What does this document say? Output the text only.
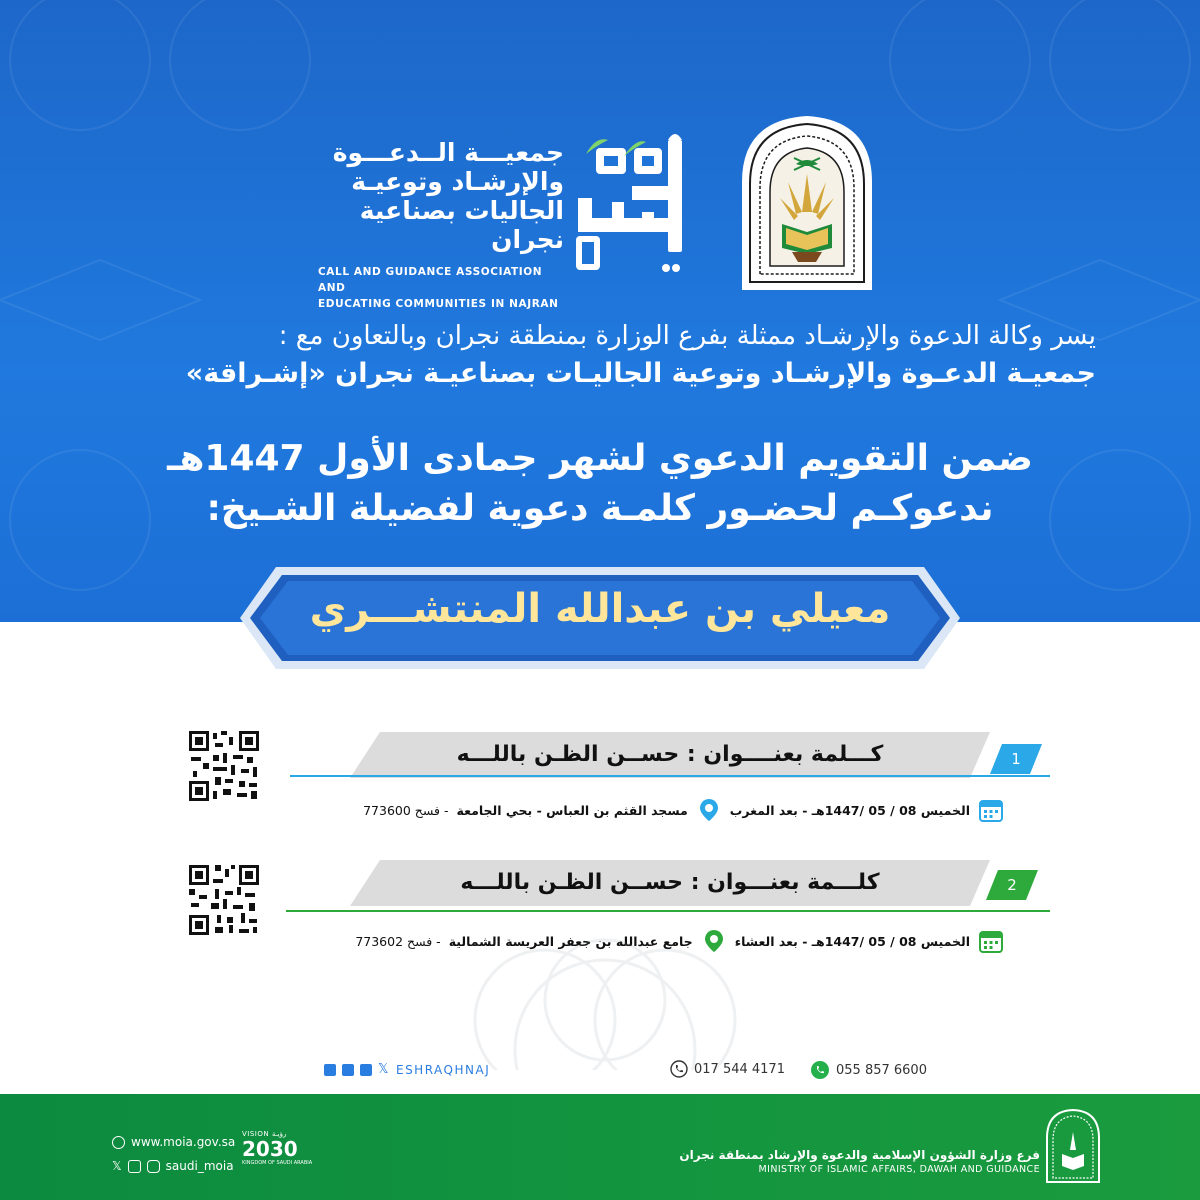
جمعيـــة الــدعـــوة
والإرشـاد وتوعيـة
الجاليات بصناعية نجران
CALL AND GUIDANCE ASSOCIATION AND
EDUCATING COMMUNITIES IN NAJRAN
يسر وكالة الدعوة والإرشـاد ممثلة بفرع الوزارة بمنطقة نجران وبالتعاون مع :
جمعيـة الدعـوة والإرشـاد وتوعية الجاليـات بصناعيـة نجران «إشـراقة»
ضمن التقويم الدعوي لشهر جمادى الأول 1447هـ
ندعوكـم لحضـور كلمـة دعوية لفضيلة الشـيخ:
معيلي بن عبدالله المنتشـــري
كـــلمة بعنــــوان : حســن الظـن باللـــه	1
الخميس 08 / 05 /1447هـ - بعد المغرب
مسجد القثم بن العباس - بحي الجامعة
- فسح 773600
كلـــمة بعنـــوان : حســن الظـن باللـــه	2
الخميس 08 / 05 /1447هـ - بعد العشاء
جامع عبدالله بن جعفر العريسة الشمالية
- فسح 773602
𝕏 ESHRAQHNAJ	017 544 4171	055 857 6600
www.moia.gov.sa
𝕏	saudi_moia
VISION رؤيـة
2030
KINGDOM OF SAUDI ARABIA
فرع وزارة الشؤون الإسلامية والدعوة والإرشاد بمنطقة نجران
MINISTRY OF ISLAMIC AFFAIRS, DAWAH AND GUIDANCE
